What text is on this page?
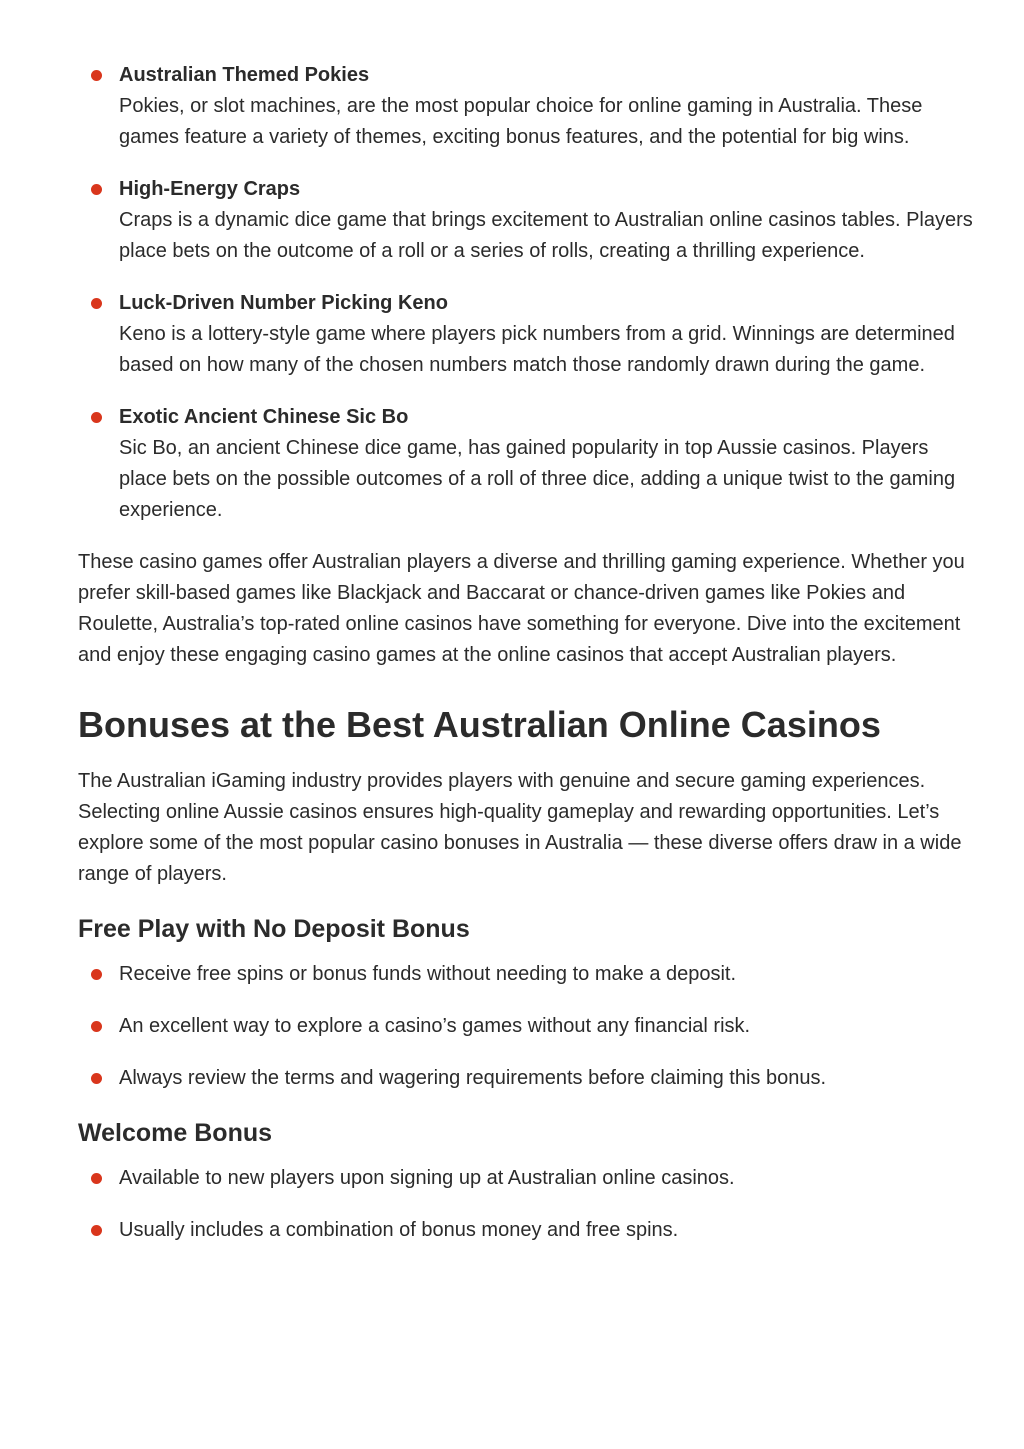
Australian Themed Pokies
Pokies, or slot machines, are the most popular choice for online gaming in Australia. These games feature a variety of themes, exciting bonus features, and the potential for big wins.
High-Energy Craps
Craps is a dynamic dice game that brings excitement to Australian online casinos tables. Players place bets on the outcome of a roll or a series of rolls, creating a thrilling experience.
Luck-Driven Number Picking Keno
Keno is a lottery-style game where players pick numbers from a grid. Winnings are determined based on how many of the chosen numbers match those randomly drawn during the game.
Exotic Ancient Chinese Sic Bo
Sic Bo, an ancient Chinese dice game, has gained popularity in top Aussie casinos. Players place bets on the possible outcomes of a roll of three dice, adding a unique twist to the gaming experience.

These casino games offer Australian players a diverse and thrilling gaming experience. Whether you prefer skill-based games like Blackjack and Baccarat or chance-driven games like Pokies and Roulette, Australia’s top-rated online casinos have something for everyone. Dive into the excitement and enjoy these engaging casino games at the online casinos that accept Australian players.

Bonuses at the Best Australian Online Casinos

The Australian iGaming industry provides players with genuine and secure gaming experiences. Selecting online Aussie casinos ensures high-quality gameplay and rewarding opportunities. Let’s explore some of the most popular casino bonuses in Australia — these diverse offers draw in a wide range of players.

Free Play with No Deposit Bonus
Receive free spins or bonus funds without needing to make a deposit.
An excellent way to explore a casino’s games without any financial risk.
Always review the terms and wagering requirements before claiming this bonus.
Welcome Bonus
Available to new players upon signing up at Australian online casinos.
Usually includes a combination of bonus money and free spins.
